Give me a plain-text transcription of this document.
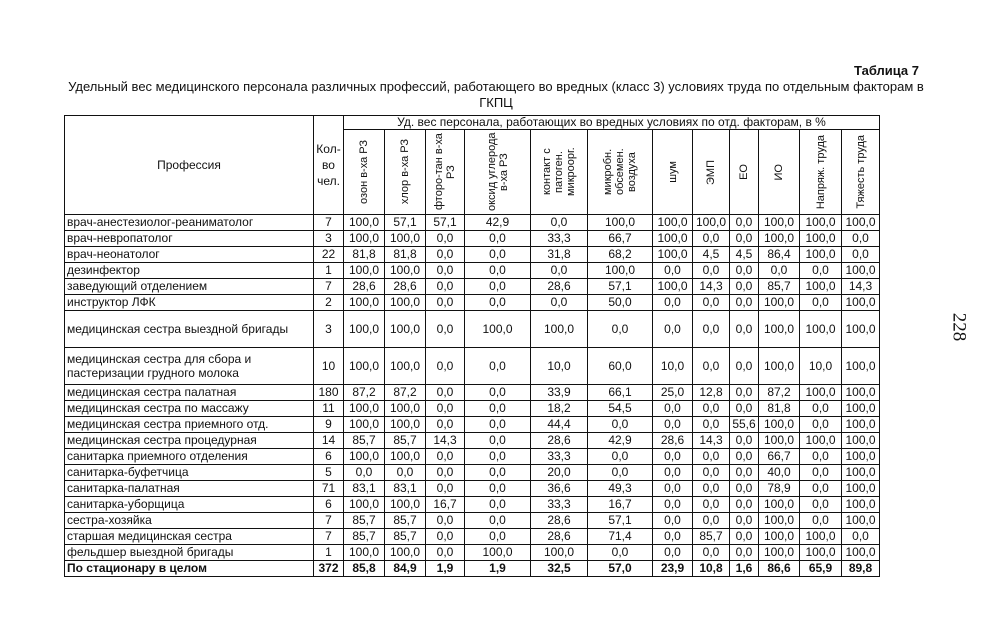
Таблица 7
Удельный вес медицинского персонала различных профессий, работающего во вредных (класс 3) условиях труда по отдельным факторам в ГКПЦ
228
Профессия	Кол-во чел.	Уд. вес персонала, работающих во вредных условиях по отд. факторам, в %											

		озон в-ха РЗ	хлор в-ха РЗ	фторо-тан в-ха РЗ	оксид углерода в-ха РЗ	контакт с патоген. микроорг.	микробн. обсемен. воздуха	шум	ЭМП	ЕО	ИО	Напряж. труда	Тяжесть труда

врач-анестезиолог-реаниматолог	7	100,0	57,1	57,1	42,9	0,0	100,0	100,0	100,0	0,0	100,0	100,0	100,0
врач-невропатолог	3	100,0	100,0	0,0	0,0	33,3	66,7	100,0	0,0	0,0	100,0	100,0	0,0
врач-неонатолог	22	81,8	81,8	0,0	0,0	31,8	68,2	100,0	4,5	4,5	86,4	100,0	0,0
дезинфектор	1	100,0	100,0	0,0	0,0	0,0	100,0	0,0	0,0	0,0	0,0	0,0	100,0
заведующий отделением	7	28,6	28,6	0,0	0,0	28,6	57,1	100,0	14,3	0,0	85,7	100,0	14,3
инструктор ЛФК	2	100,0	100,0	0,0	0,0	0,0	50,0	0,0	0,0	0,0	100,0	0,0	100,0
медицинская сестра выездной бригады	3	100,0	100,0	0,0	100,0	100,0	0,0	0,0	0,0	0,0	100,0	100,0	100,0
медицинская сестра для сбора и пастеризации грудного молока	10	100,0	100,0	0,0	0,0	10,0	60,0	10,0	0,0	0,0	100,0	10,0	100,0
медицинская сестра палатная	180	87,2	87,2	0,0	0,0	33,9	66,1	25,0	12,8	0,0	87,2	100,0	100,0
медицинская сестра по массажу	11	100,0	100,0	0,0	0,0	18,2	54,5	0,0	0,0	0,0	81,8	0,0	100,0
медицинская сестра приемного отд.	9	100,0	100,0	0,0	0,0	44,4	0,0	0,0	0,0	55,6	100,0	0,0	100,0
медицинская сестра процедурная	14	85,7	85,7	14,3	0,0	28,6	42,9	28,6	14,3	0,0	100,0	100,0	100,0
санитарка приемного отделения	6	100,0	100,0	0,0	0,0	33,3	0,0	0,0	0,0	0,0	66,7	0,0	100,0
санитарка-буфетчица	5	0,0	0,0	0,0	0,0	20,0	0,0	0,0	0,0	0,0	40,0	0,0	100,0
санитарка-палатная	71	83,1	83,1	0,0	0,0	36,6	49,3	0,0	0,0	0,0	78,9	0,0	100,0
санитарка-уборщица	6	100,0	100,0	16,7	0,0	33,3	16,7	0,0	0,0	0,0	100,0	0,0	100,0
сестра-хозяйка	7	85,7	85,7	0,0	0,0	28,6	57,1	0,0	0,0	0,0	100,0	0,0	100,0
старшая медицинская сестра	7	85,7	85,7	0,0	0,0	28,6	71,4	0,0	85,7	0,0	100,0	100,0	0,0
фельдшер выездной бригады	1	100,0	100,0	0,0	100,0	100,0	0,0	0,0	0,0	0,0	100,0	100,0	100,0
По стационару в целом	372	85,8	84,9	1,9	1,9	32,5	57,0	23,9	10,8	1,6	86,6	65,9	89,8
